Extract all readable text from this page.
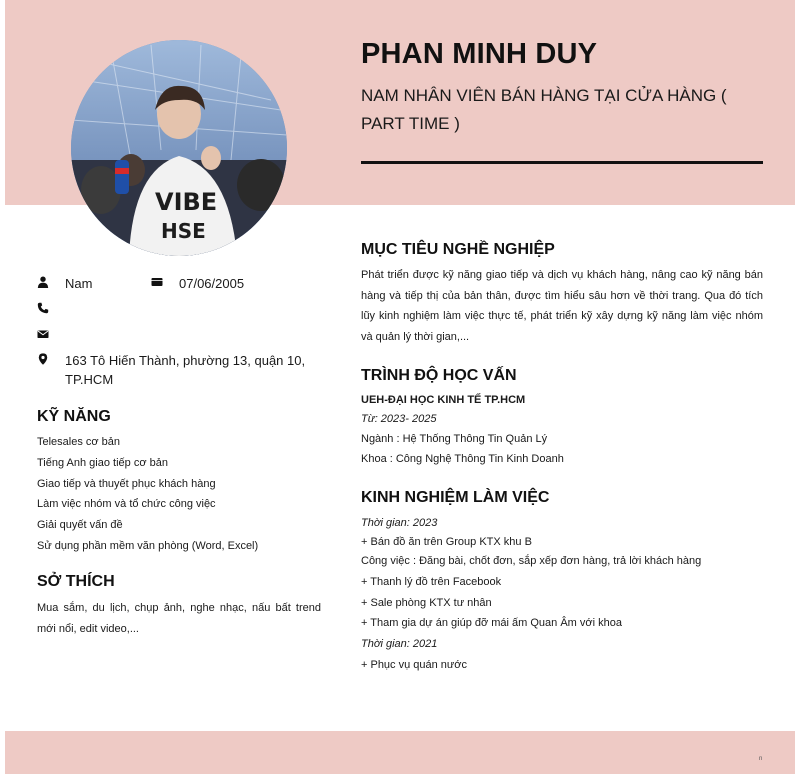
VIBE
HSE
PHAN MINH DUY
NAM NHÂN VIÊN BÁN HÀNG TẠI CỬA HÀNG ( PART TIME )
Nam	07/06/2005
163 Tô Hiến Thành, phường 13, quận 10, TP.HCM
KỸ NĂNG
Telesales cơ bản
Tiếng Anh giao tiếp cơ bản
Giao tiếp và thuyết phục khách hàng
Làm việc nhóm và tổ chức công việc
Giải quyết vấn đề
Sử dụng phần mềm văn phòng (Word, Excel)
SỞ THÍCH

Mua sắm, du lịch, chụp ảnh, nghe nhạc, nấu bất trend mới nổi, edit video,...

MỤC TIÊU NGHỀ NGHIỆP

Phát triển được kỹ năng giao tiếp và dịch vụ khách hàng, nâng cao kỹ năng bán hàng và tiếp thị của bản thân, được tìm hiểu sâu hơn về thời trang. Qua đó tích lũy kinh nghiệm làm việc thực tế, phát triển kỹ xây dựng kỹ năng làm việc nhóm và quản lý thời gian,...

TRÌNH ĐỘ HỌC VẤN
UEH-ĐẠI HỌC KINH TẾ TP.HCM
Từ: 2023- 2025
Ngành : Hệ Thống Thông Tin Quản Lý
Khoa : Công Nghệ Thông Tin Kinh Doanh
KINH NGHIỆM LÀM VIỆC
Thời gian: 2023
+ Bán đồ ăn trên Group KTX khu B
Công việc : Đăng bài, chốt đơn, sắp xếp đơn hàng, trả lời khách hàng
+ Thanh lý đồ trên Facebook
+ Sale phòng KTX tư nhân
+ Tham gia dự án giúp đỡ mái ấm Quan Âm với khoa
Thời gian: 2021
+ Phục vụ quán nước
n
